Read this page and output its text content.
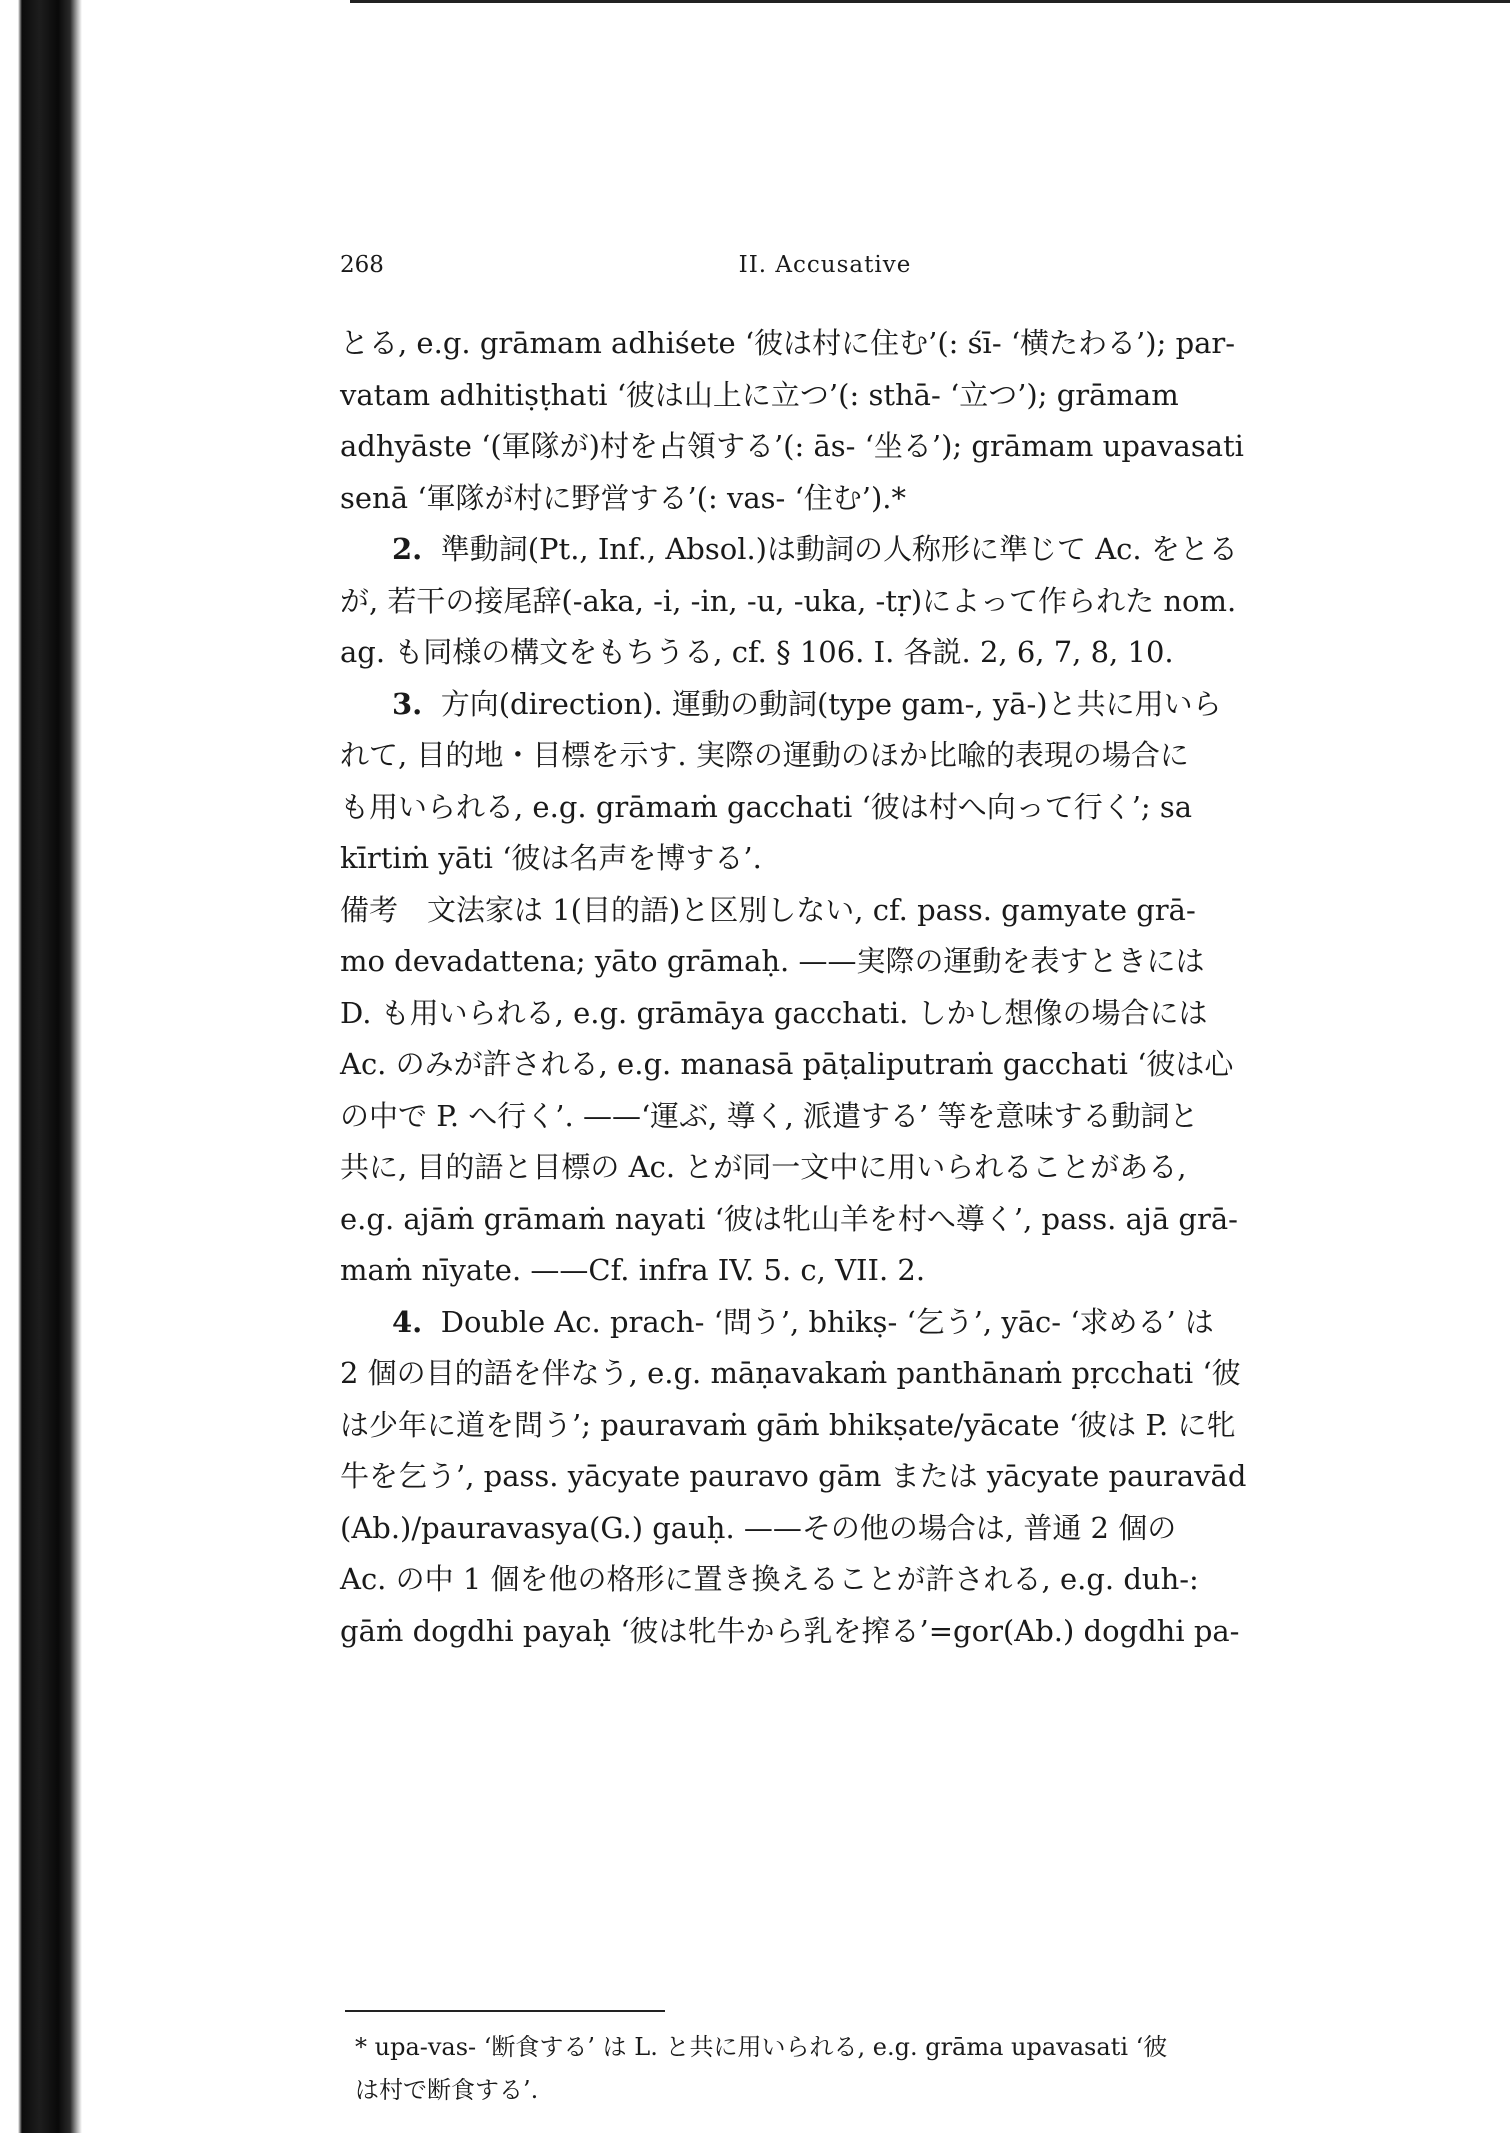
268	II. Accusative

とる, e.g. grāmam adhiśete ‘彼は村に住む’(: śī- ‘横たわる’); par-
vatam adhitiṣṭhati ‘彼は山上に立つ’(: sthā- ‘立つ’); grāmam
adhyāste ‘(軍隊が)村を占領する’(: ās- ‘坐る’); grāmam upavasati
senā ‘軍隊が村に野営する’(: vas- ‘住む’).*

2. 準動詞(Pt., Inf., Absol.)は動詞の人称形に準じて Ac. をとる
が, 若干の接尾辞(-aka, -i, -in, -u, -uka, -tṛ)によって作られた nom.
ag. も同様の構文をもちうる, cf. § 106. I. 各説. 2, 6, 7, 8, 10.

3. 方向(direction). 運動の動詞(type gam-, yā-)と共に用いら
れて, 目的地・目標を示す. 実際の運動のほか比喩的表現の場合に
も用いられる, e.g. grāmaṁ gacchati ‘彼は村へ向って行く’; sa
kīrtiṁ yāti ‘彼は名声を博する’.

備考　文法家は 1(目的語)と区別しない, cf. pass. gamyate grā-
mo devadattena; yāto grāmaḥ. ——実際の運動を表すときには
D. も用いられる, e.g. grāmāya gacchati. しかし想像の場合には
Ac. のみが許される, e.g. manasā pāṭaliputraṁ gacchati ‘彼は心
の中で P. へ行く’. ——‘運ぶ, 導く, 派遣する’ 等を意味する動詞と
共に, 目的語と目標の Ac. とが同一文中に用いられることがある,
e.g. ajāṁ grāmaṁ nayati ‘彼は牝山羊を村へ導く’, pass. ajā grā-
maṁ nīyate. ——Cf. infra IV. 5. c, VII. 2.

4. Double Ac. prach- ‘問う’, bhikṣ- ‘乞う’, yāc- ‘求める’ は
2 個の目的語を伴なう, e.g. māṇavakaṁ panthānaṁ pṛcchati ‘彼
は少年に道を問う’; pauravaṁ gāṁ bhikṣate/yācate ‘彼は P. に牝
牛を乞う’, pass. yācyate pauravo gām または yācyate pauravād
(Ab.)/pauravasya(G.) gauḥ. ——その他の場合は, 普通 2 個の
Ac. の中 1 個を他の格形に置き換えることが許される, e.g. duh-:
gāṁ dogdhi payaḥ ‘彼は牝牛から乳を搾る’=gor(Ab.) dogdhi pa-

* upa-vas- ‘断食する’ は L. と共に用いられる, e.g. grāma upavasati ‘彼
は村で断食する’.
